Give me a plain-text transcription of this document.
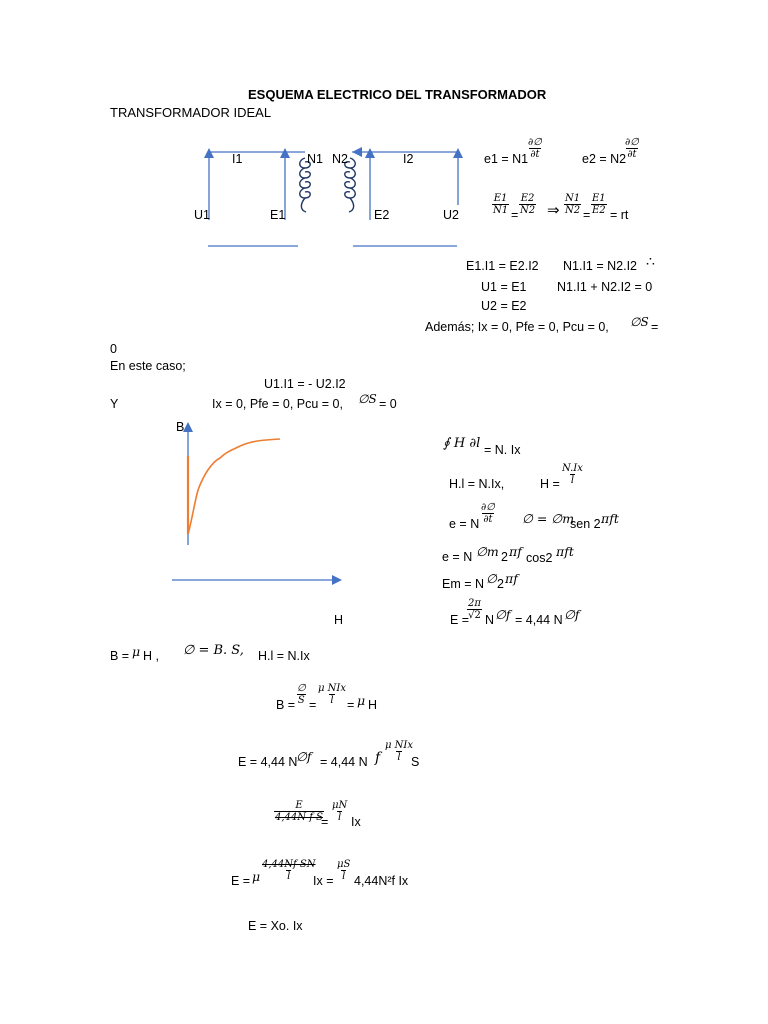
ESQUEMA ELECTRICO DEL TRANSFORMADOR
TRANSFORMADOR IDEAL
I1	N1 N2	I2
U1	E1	E2	U2
e1 = N1
∂∅
∂t	e2 = N2
∂∅
∂t
$\frac{E1}{N1} = \frac{E2}{N2}$ ⇒ $\frac{N1}{N2} = \frac{E1}{E2}$ = rt
E1.I1 = E2.I2 N1.I1 = N2.I2 ∴
U1 = E1 N1.I1 + N2.I2 = 0
U2 = E2
Además; Ix = 0, Pfe = 0, Pcu = 0, ∅S =
0
En este caso;
U1.I1 = - U2.I2
Y	Ix = 0, Pfe = 0, Pcu = 0, ∅S = 0
B
H
∮ H ∂l = N. Ix
H.l = N.Ix,	$H = \frac{N.Ix}{l}$
e = N
∂∅
∂t ∅ = ∅m
sen 2 πft
e = N ∅m 2 πf cos2 πft
Em = N ∅ 2 πf
E =
$\frac{2\pi}{√2}$ N ∅f = 4,44 N ∅f
B = μ H , ∅ = B. S, H.l = N.Ix
B =
∅
S =
μ NIx
l = μ H
E = 4,44 N
∅f = 4,44 N f
μ NIx
l S
$\frac{E}{\text{4,44N f S}}$
= $\frac{\mu N}{l}$ Ix
E = μ $\frac{\text{4,44Nf SN}}{l}$
$Ix = \frac{\mu S}{l} 4,44N^2f$ Ix
E = Xo. Ix
